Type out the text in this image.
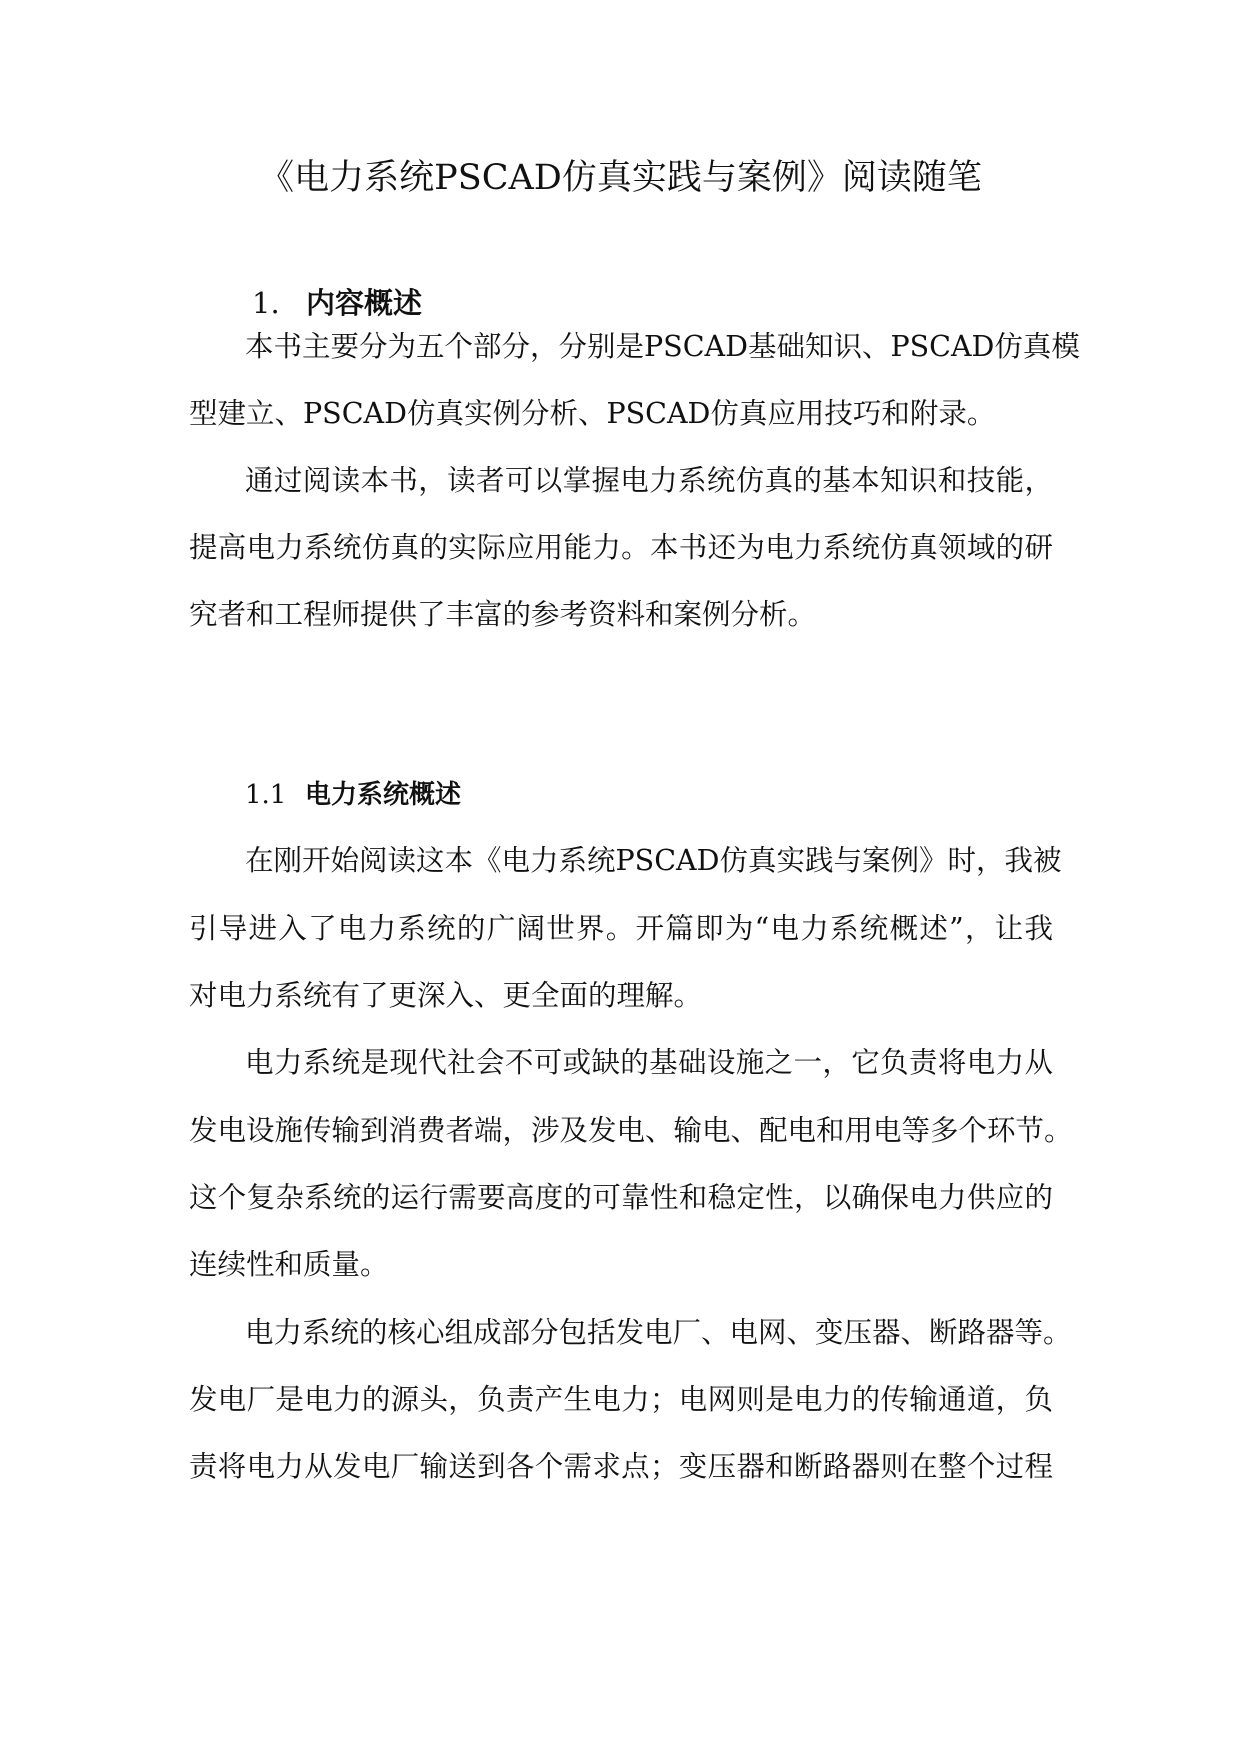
《电力系统PSCAD仿真实践与案例》阅读随笔
1. 内容概述
本书主要分为五个部分，分别是PSCAD基础知识、PSCAD仿真模
型建立、PSCAD仿真实例分析、PSCAD仿真应用技巧和附录。
通过阅读本书，读者可以掌握电力系统仿真的基本知识和技能，
提高电力系统仿真的实际应用能力。本书还为电力系统仿真领域的研
究者和工程师提供了丰富的参考资料和案例分析。
1.1 电力系统概述
在刚开始阅读这本《电力系统PSCAD仿真实践与案例》时，我被
引导进入了电力系统的广阔世界。开篇即为“电力系统概述”，让我
对电力系统有了更深入、更全面的理解。
电力系统是现代社会不可或缺的基础设施之一，它负责将电力从
发电设施传输到消费者端，涉及发电、输电、配电和用电等多个环节。
这个复杂系统的运行需要高度的可靠性和稳定性，以确保电力供应的
连续性和质量。
电力系统的核心组成部分包括发电厂、电网、变压器、断路器等。
发电厂是电力的源头，负责产生电力；电网则是电力的传输通道，负
责将电力从发电厂输送到各个需求点；变压器和断路器则在整个过程
